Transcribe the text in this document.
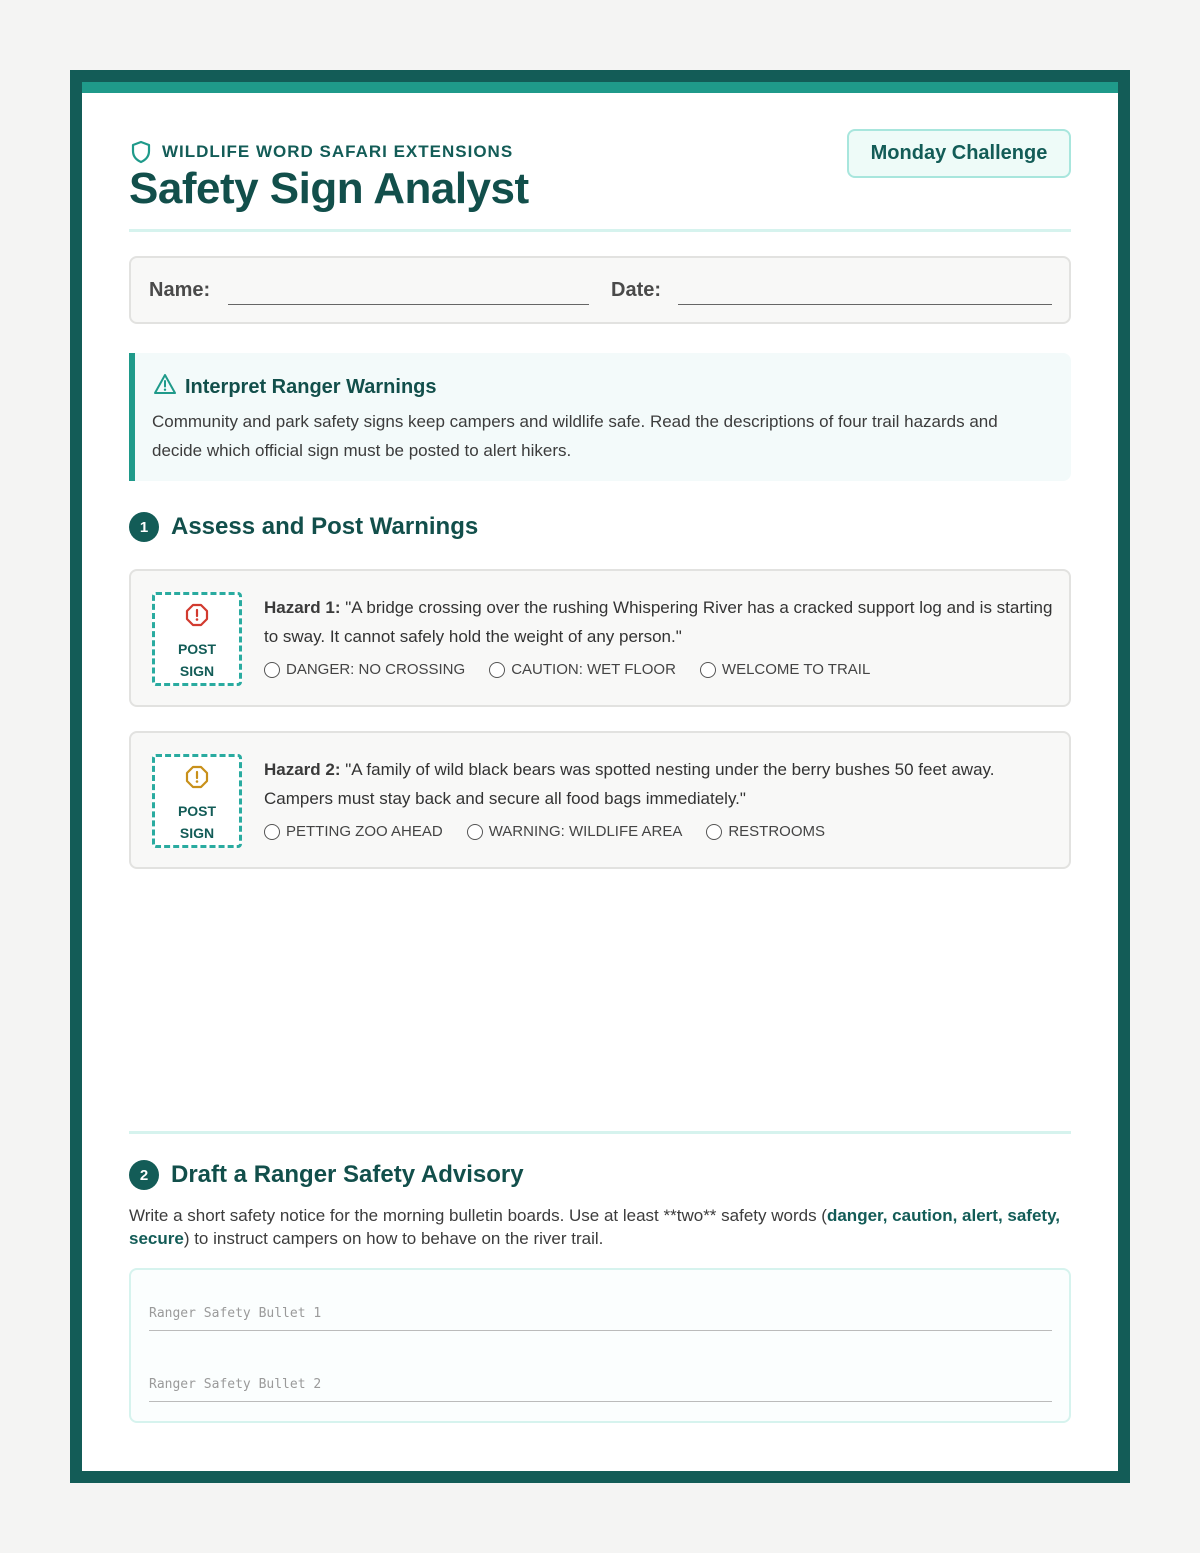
WILDLIFE WORD SAFARI EXTENSIONS
Safety Sign Analyst
Monday Challenge
Name:	Date:
Interpret Ranger Warnings

Community and park safety signs keep campers and wildlife safe. Read the descriptions of four trail hazards and decide which official sign must be posted to alert hikers.

1 Assess and Post Warnings
POST
SIGN

Hazard 1: "A bridge crossing over the rushing Whispering River has a cracked support log and is starting to sway. It cannot safely hold the weight of any person."

DANGER: NO CROSSING	CAUTION: WET FLOOR	WELCOME TO TRAIL
POST
SIGN

Hazard 2: "A family of wild black bears was spotted nesting under the berry bushes 50 feet away. Campers must stay back and secure all food bags immediately."

PETTING ZOO AHEAD	WARNING: WILDLIFE AREA	RESTROOMS
2 Draft a Ranger Safety Advisory

Write a short safety notice for the morning bulletin boards. Use at least **two** safety words (danger, caution, alert, safety, secure) to instruct campers on how to behave on the river trail.

Ranger Safety Bullet 1
Ranger Safety Bullet 2
